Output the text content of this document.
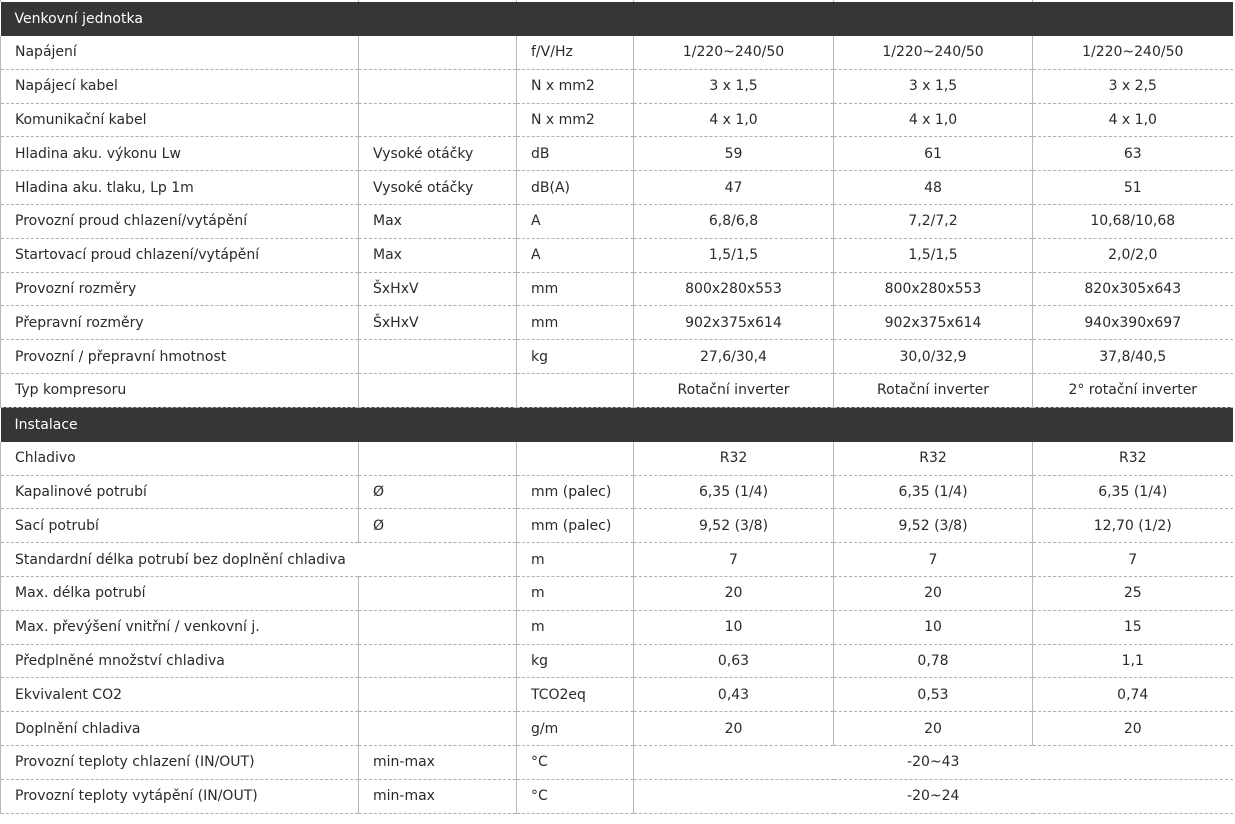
Venkovní jednotka					
Napájení		f/V/Hz	1/220~240/50	1/220~240/50	1/220~240/50
Napájecí kabel		N x mm2	3 x 1,5	3 x 1,5	3 x 2,5
Komunikační kabel		N x mm2	4 x 1,0	4 x 1,0	4 x 1,0
Hladina aku. výkonu Lw	Vysoké otáčky	dB	59	61	63
Hladina aku. tlaku, Lp 1m	Vysoké otáčky	dB(A)	47	48	51
Provozní proud chlazení/vytápění	Max	A	6,8/6,8	7,2/7,2	10,68/10,68
Startovací proud chlazení/vytápění	Max	A	1,5/1,5	1,5/1,5	2,0/2,0
Provozní rozměry	ŠxHxV	mm	800x280x553	800x280x553	820x305x643
Přepravní rozměry	ŠxHxV	mm	902x375x614	902x375x614	940x390x697
Provozní / přepravní hmotnost		kg	27,6/30,4	30,0/32,9	37,8/40,5
Typ kompresoru			Rotační inverter	Rotační inverter	2° rotační inverter
Instalace					
Chladivo			R32	R32	R32
Kapalinové potrubí	Ø	mm (palec)	6,35 (1/4)	6,35 (1/4)	6,35 (1/4)
Sací potrubí	Ø	mm (palec)	9,52 (3/8)	9,52 (3/8)	12,70 (1/2)
Standardní délka potrubí bez doplnění chladiva		m	7	7	7
Max. délka potrubí		m	20	20	25
Max. převýšení vnitřní / venkovní j.		m	10	10	15
Předplněné množství chladiva		kg	0,63	0,78	1,1
Ekvivalent CO2		TCO2eq	0,43	0,53	0,74
Doplnění chladiva		g/m	20	20	20
Provozní teploty chlazení (IN/OUT)	min-max	°C	-20~43		
Provozní teploty vytápění (IN/OUT)	min-max	°C	-20~24		
